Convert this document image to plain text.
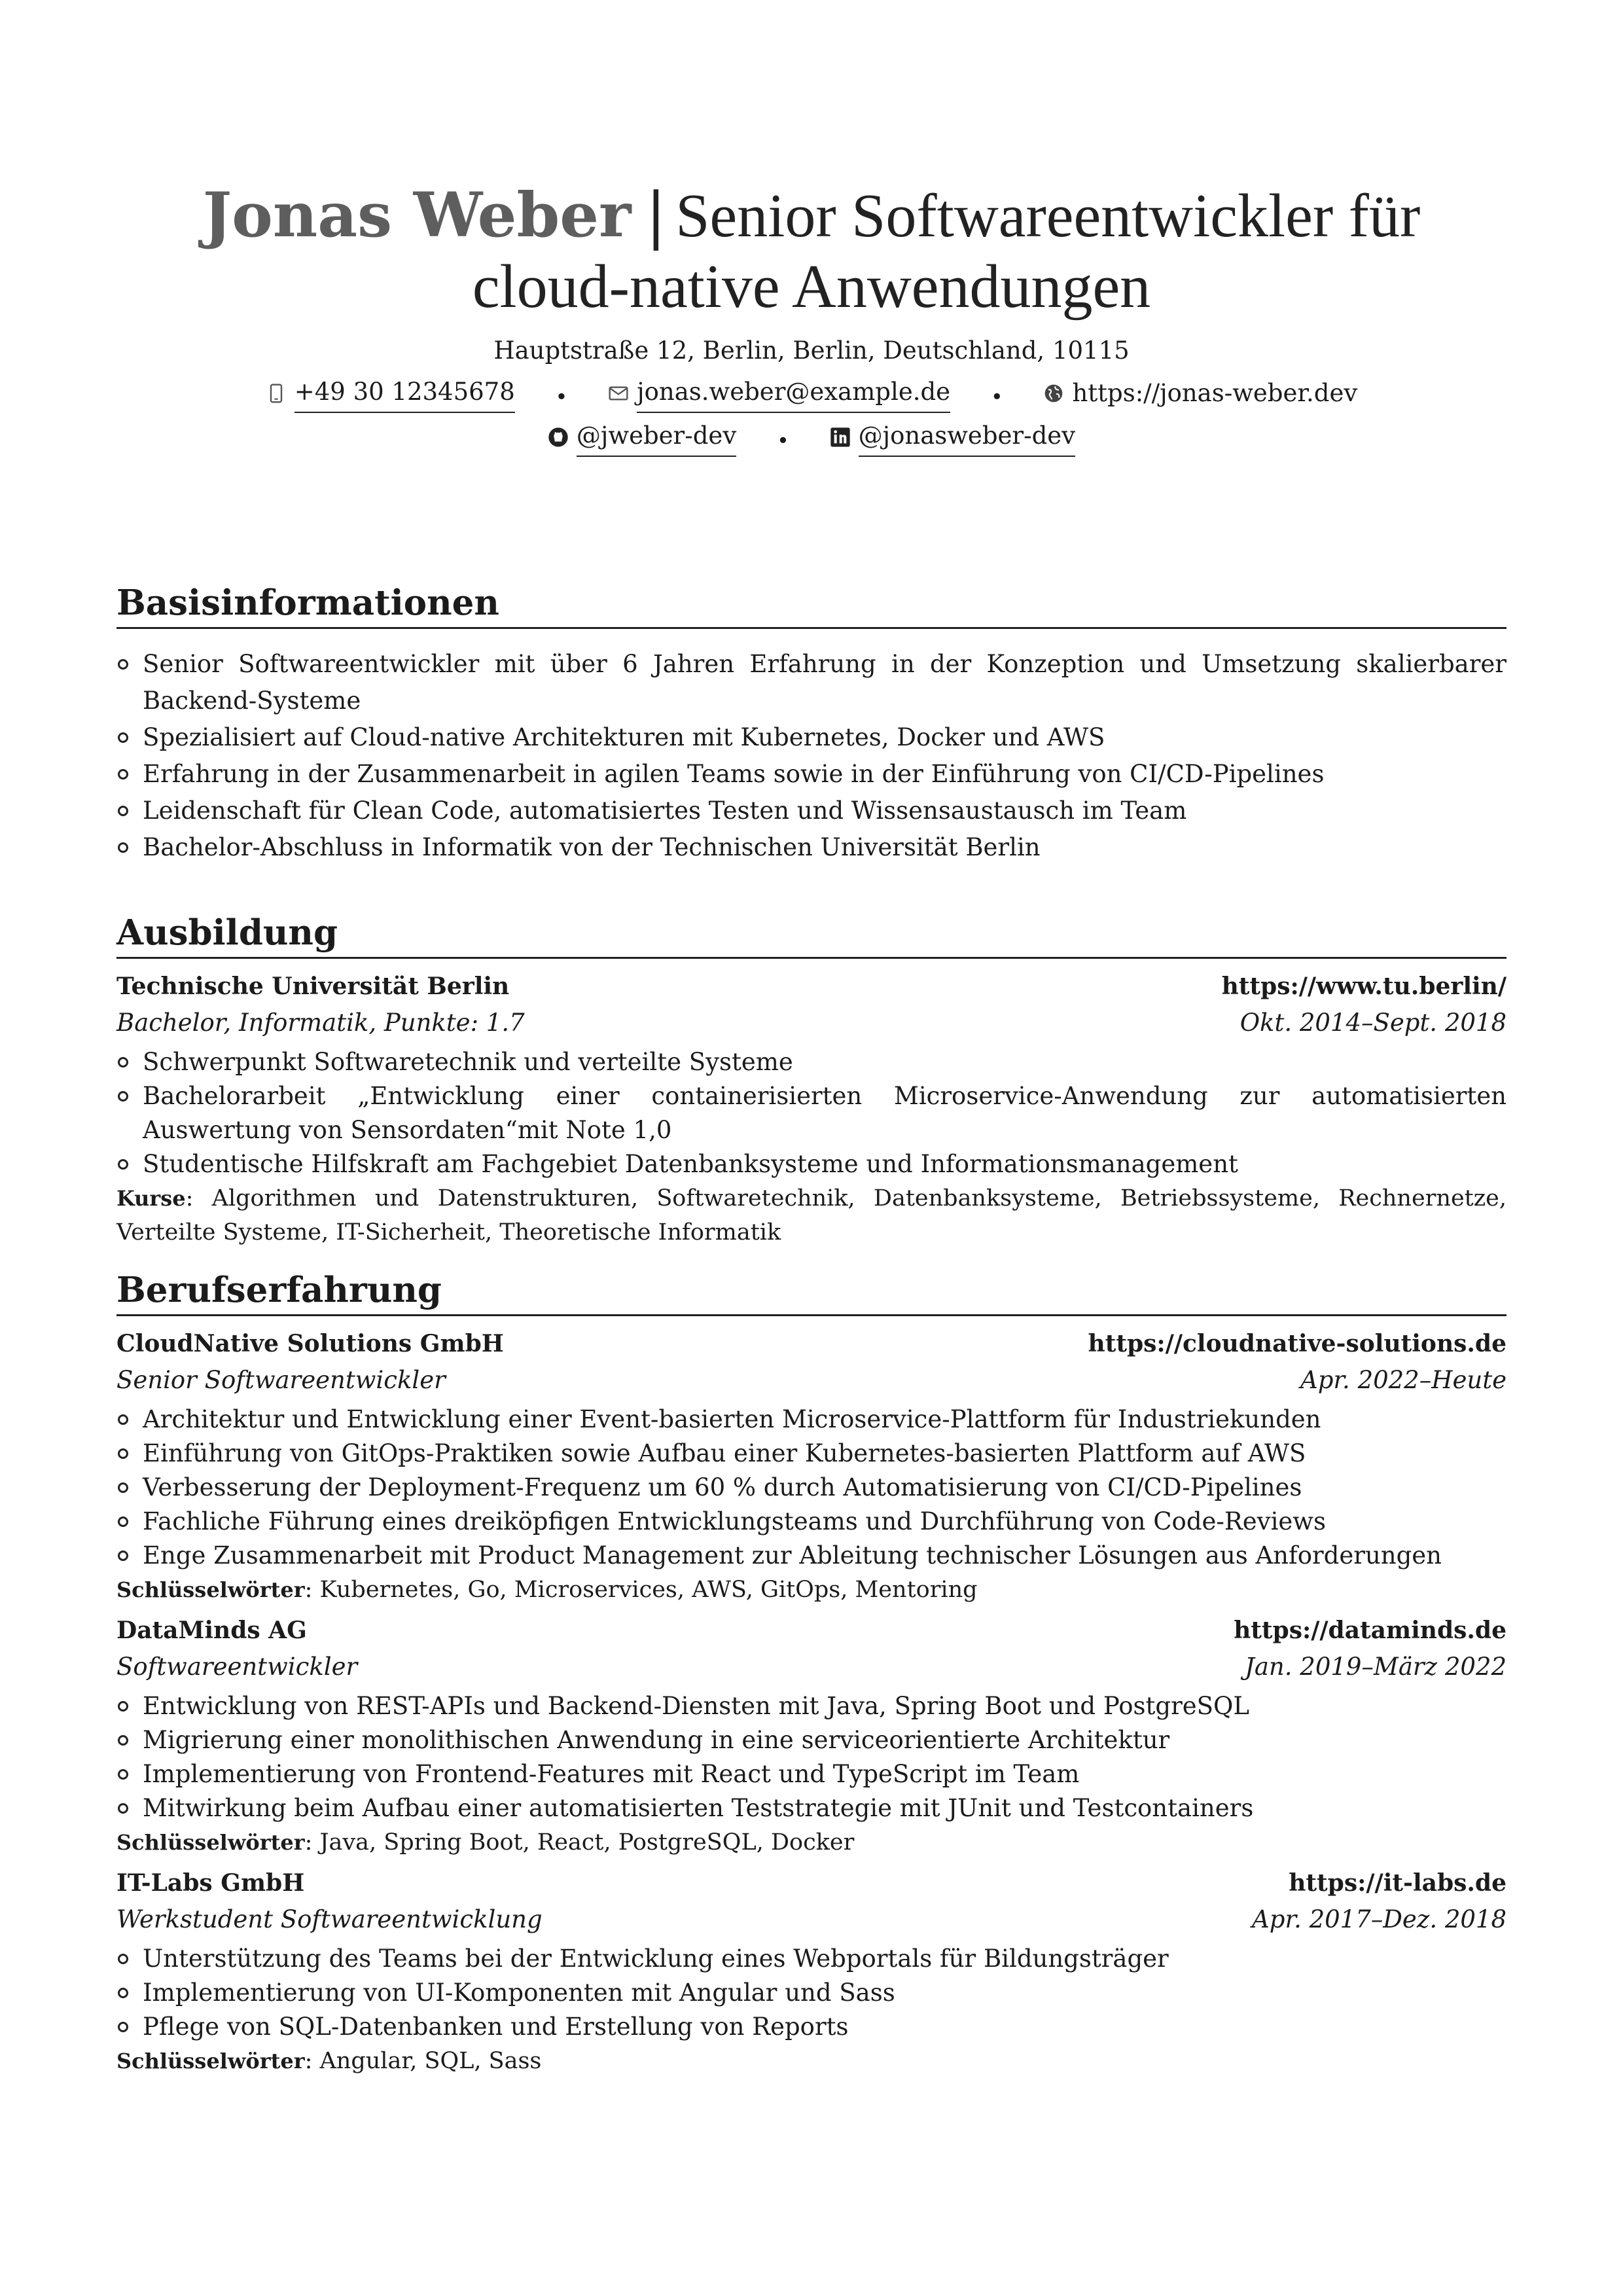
Jonas Weber | Senior Softwareentwickler für cloud-native Anwendungen
Hauptstraße 12, Berlin, Berlin, Deutschland, 10115
+49 30 12345678 •	jonas.weber@example.de •	https://jonas-weber.dev
@jweber-dev •	@jonasweber-dev
Basisinformationen
Senior Softwareentwickler mit über 6 Jahren Erfahrung in der Konzeption und Umsetzung skalierbarer Backend-Systeme
Spezialisiert auf Cloud-native Architekturen mit Kubernetes, Docker und AWS
Erfahrung in der Zusammenarbeit in agilen Teams sowie in der Einführung von CI/CD-Pipelines
Leidenschaft für Clean Code, automatisiertes Testen und Wissensaustausch im Team
Bachelor-Abschluss in Informatik von der Technischen Universität Berlin
Ausbildung
Technische Universität Berlin	https://www.tu.berlin/
Bachelor, Informatik, Punkte: 1.7	Okt. 2014–Sept. 2018
Schwerpunkt Softwaretechnik und verteilte Systeme
Bachelorarbeit „Entwicklung einer containerisierten Microservice-Anwendung zur automatisierten Auswertung von Sensordaten“mit Note 1,0
Studentische Hilfskraft am Fachgebiet Datenbanksysteme und Informationsmanagement
Kurse: Algorithmen und Datenstrukturen, Softwaretechnik, Datenbanksysteme, Betriebssysteme, Rechnernetze, Verteilte Systeme, IT-Sicherheit, Theoretische Informatik
Berufserfahrung
CloudNative Solutions GmbH	https://cloudnative-solutions.de
Senior Softwareentwickler	Apr. 2022–Heute
Architektur und Entwicklung einer Event-basierten Microservice-Plattform für Industriekunden
Einführung von GitOps-Praktiken sowie Aufbau einer Kubernetes-basierten Plattform auf AWS
Verbesserung der Deployment-Frequenz um 60 % durch Automatisierung von CI/CD-Pipelines
Fachliche Führung eines dreiköpfigen Entwicklungsteams und Durchführung von Code-Reviews
Enge Zusammenarbeit mit Product Management zur Ableitung technischer Lösungen aus Anforderungen
Schlüsselwörter: Kubernetes, Go, Microservices, AWS, GitOps, Mentoring
DataMinds AG	https://dataminds.de
Softwareentwickler	Jan. 2019–März 2022
Entwicklung von REST-APIs und Backend-Diensten mit Java, Spring Boot und PostgreSQL
Migrierung einer monolithischen Anwendung in eine serviceorientierte Architektur
Implementierung von Frontend-Features mit React und TypeScript im Team
Mitwirkung beim Aufbau einer automatisierten Teststrategie mit JUnit und Testcontainers
Schlüsselwörter: Java, Spring Boot, React, PostgreSQL, Docker
IT-Labs GmbH	https://it-labs.de
Werkstudent Softwareentwicklung	Apr. 2017–Dez. 2018
Unterstützung des Teams bei der Entwicklung eines Webportals für Bildungsträger
Implementierung von UI-Komponenten mit Angular und Sass
Pflege von SQL-Datenbanken und Erstellung von Reports
Schlüsselwörter: Angular, SQL, Sass
